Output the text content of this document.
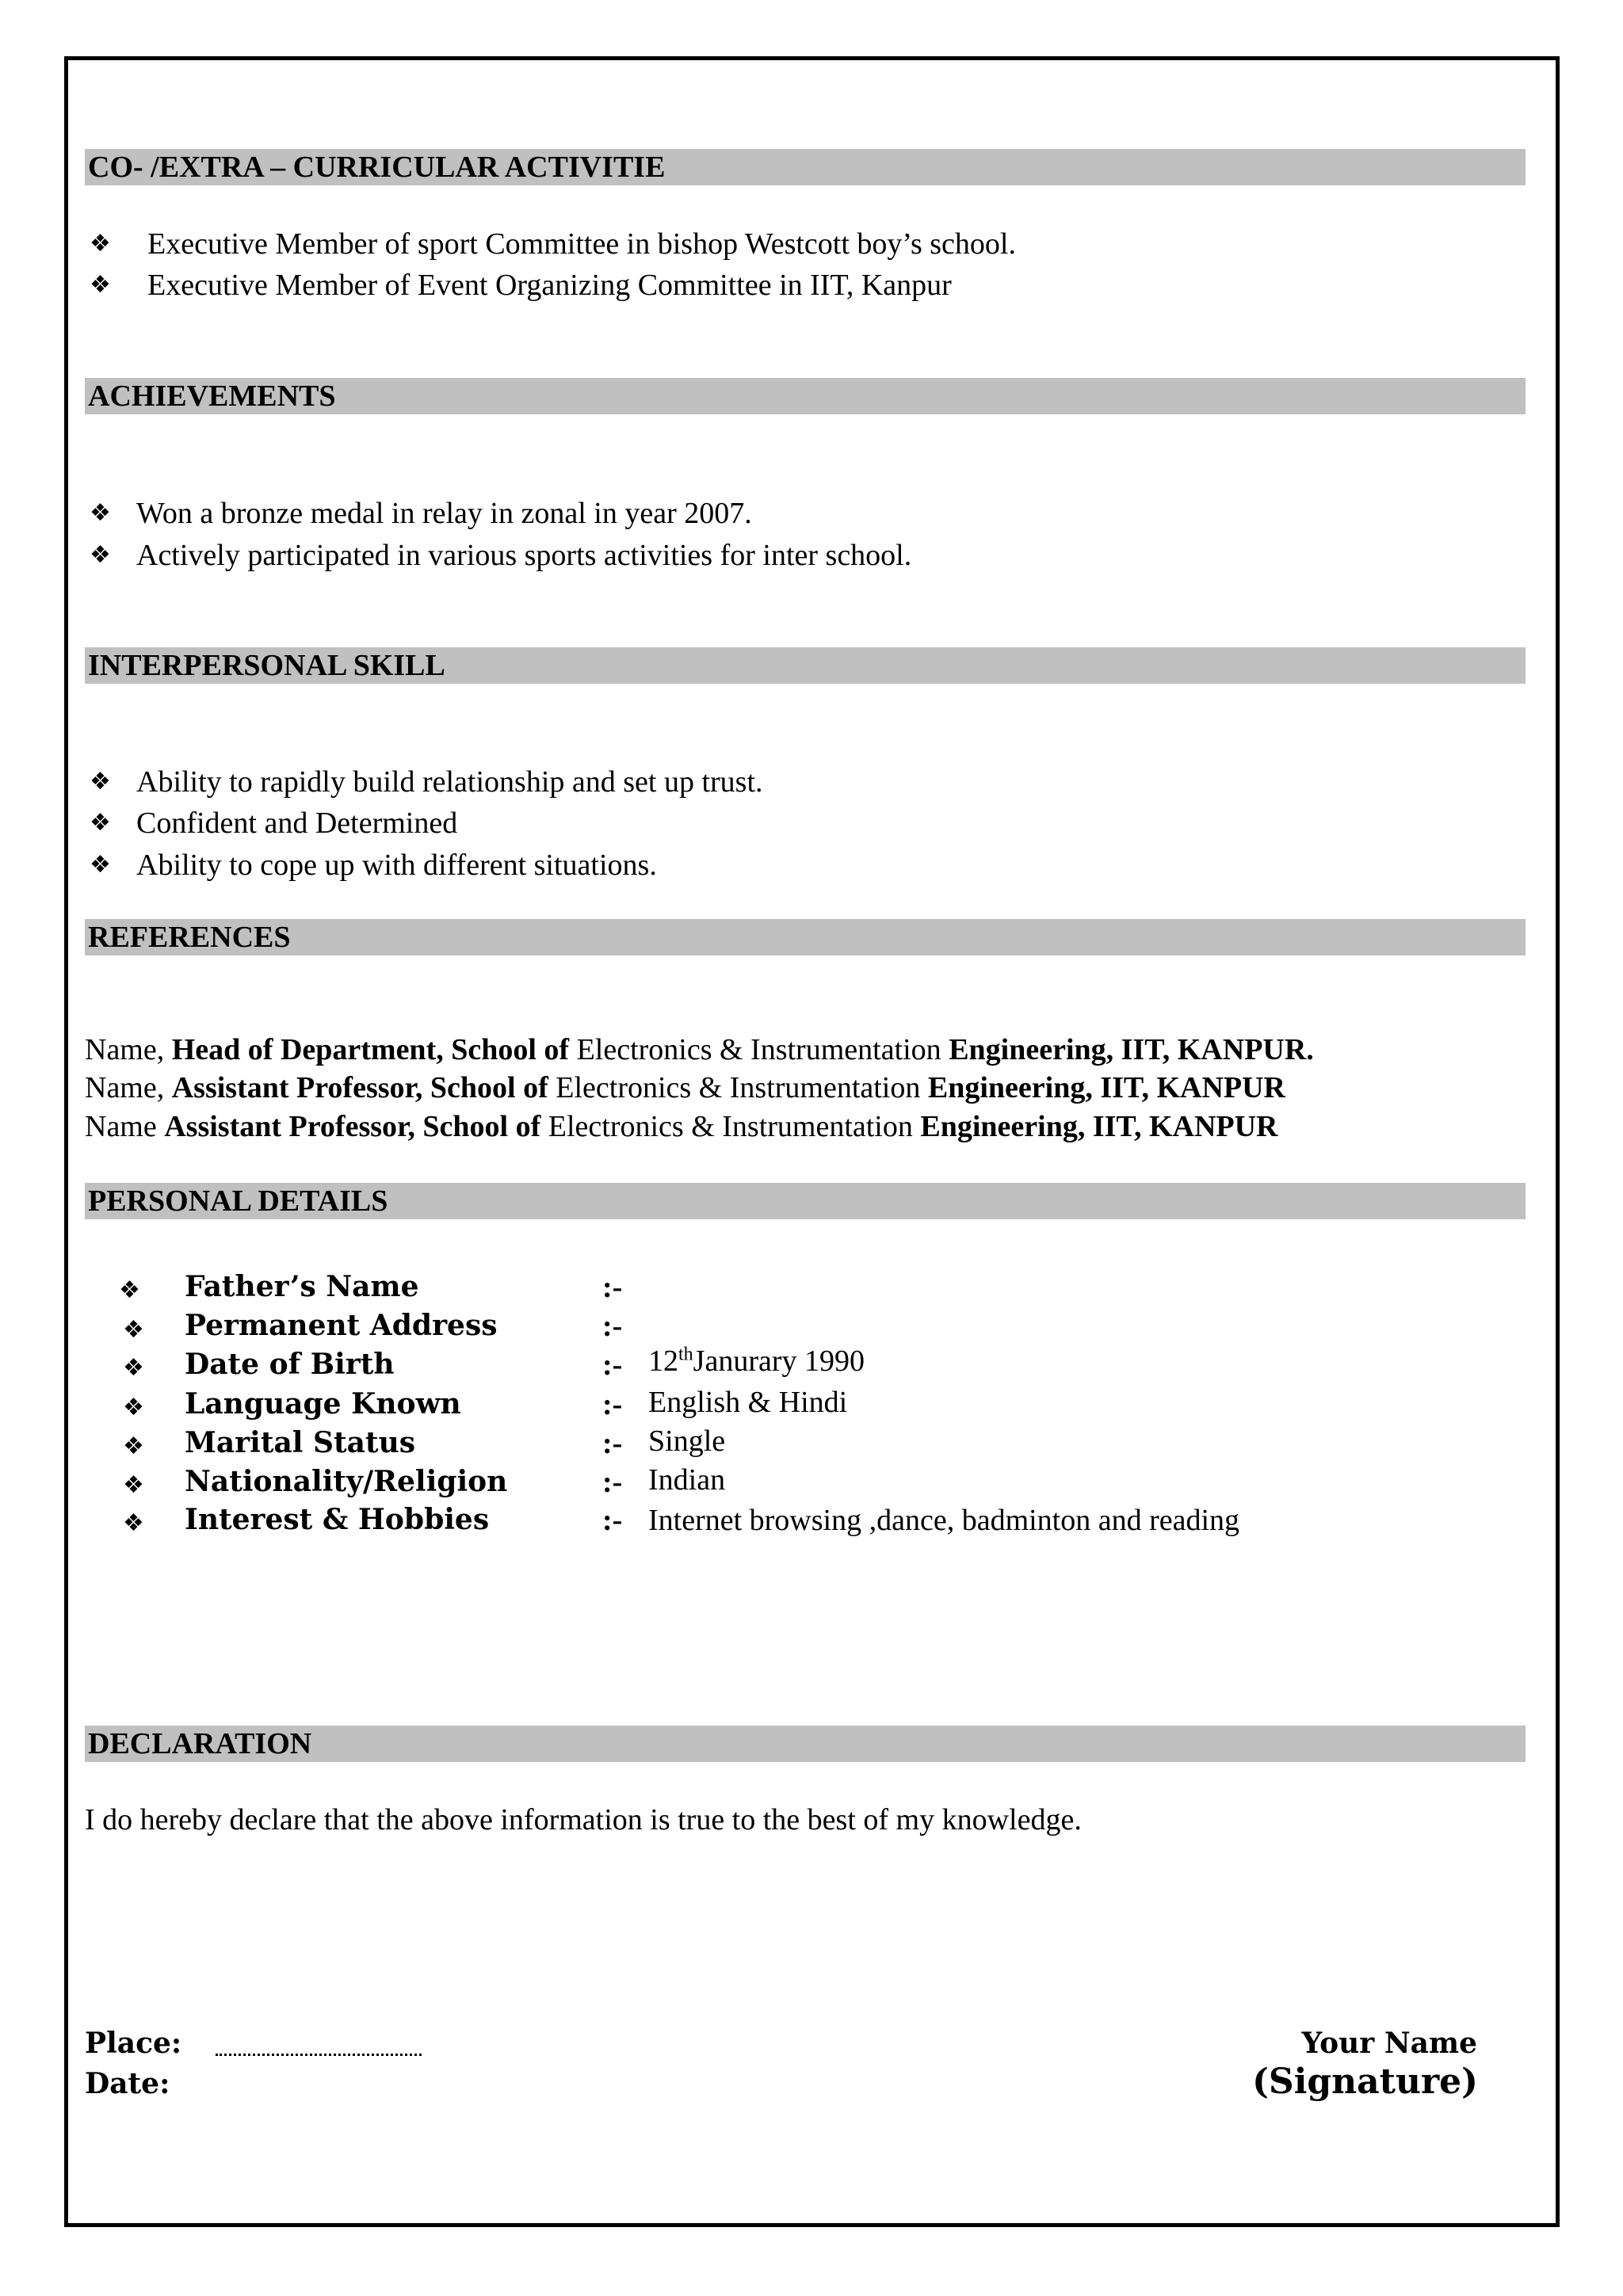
CO- /EXTRA – CURRICULAR ACTIVITIE
❖ Executive Member of sport Committee in bishop Westcott boy’s school.
❖ Executive Member of Event Organizing Committee in IIT, Kanpur
ACHIEVEMENTS
❖ Won a bronze medal in relay in zonal in year 2007.
❖ Actively participated in various sports activities for inter school.
INTERPERSONAL SKILL
❖ Ability to rapidly build relationship and set up trust.
❖ Confident and Determined
❖ Ability to cope up with different situations.
REFERENCES
Name, Head of Department, School of Electronics & Instrumentation Engineering, IIT, KANPUR.
Name, Assistant Professor, School of Electronics & Instrumentation Engineering, IIT, KANPUR
Name Assistant Professor, School of Electronics & Instrumentation Engineering, IIT, KANPUR
PERSONAL DETAILS
❖ Father’s Name	:-
❖ Permanent Address	:-
❖ Date of Birth	:- 12thJanurary 1990
❖ Language Known	:- English & Hindi
❖ Marital Status	:- Single
❖ Nationality/Religion	:- Indian
❖ Interest & Hobbies	:- Internet browsing ,dance, badminton and reading
DECLARATION
I do hereby declare that the above information is true to the best of my knowledge.
Place:
Date:
Your Name
(Signature)
